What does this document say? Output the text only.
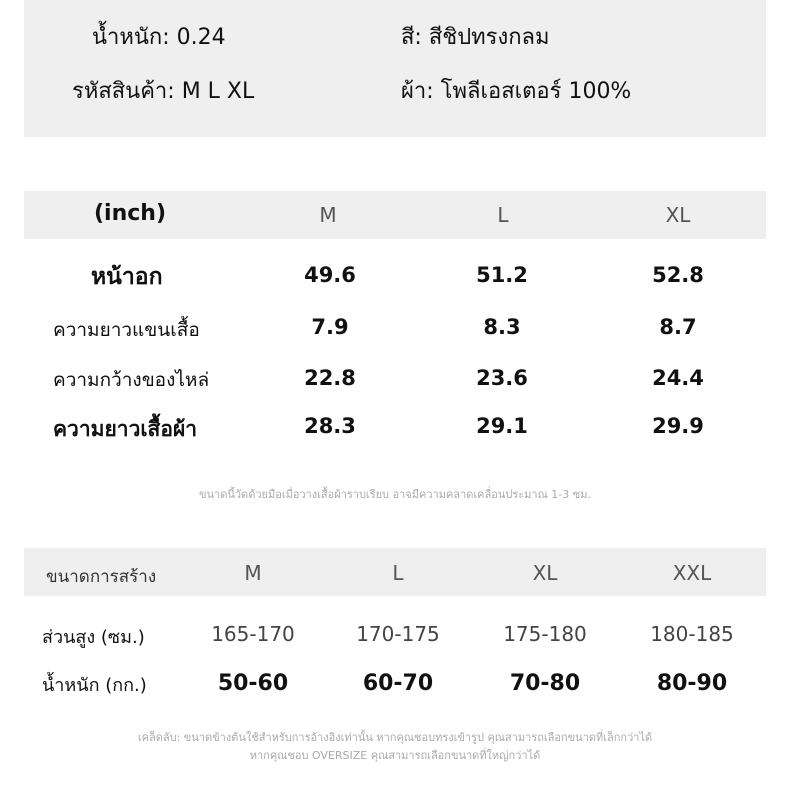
น้ำหนัก: 0.24	สี: สีชิปทรงกลม
รหัสสินค้า: M L XL	ผ้า: โพลีเอสเตอร์ 100%
(inch)	M	L	XL
หน้าอก	49.6	51.2	52.8
ความยาวแขนเสื้อ	7.9	8.3	8.7
ความกว้างของไหล่	22.8	23.6	24.4
ความยาวเสื้อผ้า	28.3	29.1	29.9
ขนาดนี้วัดด้วยมือเมื่อวางเสื้อผ้าราบเรียบ อาจมีความคลาดเคลื่อนประมาณ 1-3 ซม.
ขนาดการสร้าง	M	L	XL	XXL
ส่วนสูง (ซม.)	165-170	170-175	175-180	180-185
น้ำหนัก (กก.)	50-60	60-70	70-80	80-90
เคล็ดลับ: ขนาดข้างต้นใช้สำหรับการอ้างอิงเท่านั้น หากคุณชอบทรงเข้ารูป คุณสามารถเลือกขนาดที่เล็กกว่าได้
หากคุณชอบ OVERSIZE คุณสามารถเลือกขนาดที่ใหญ่กว่าได้
